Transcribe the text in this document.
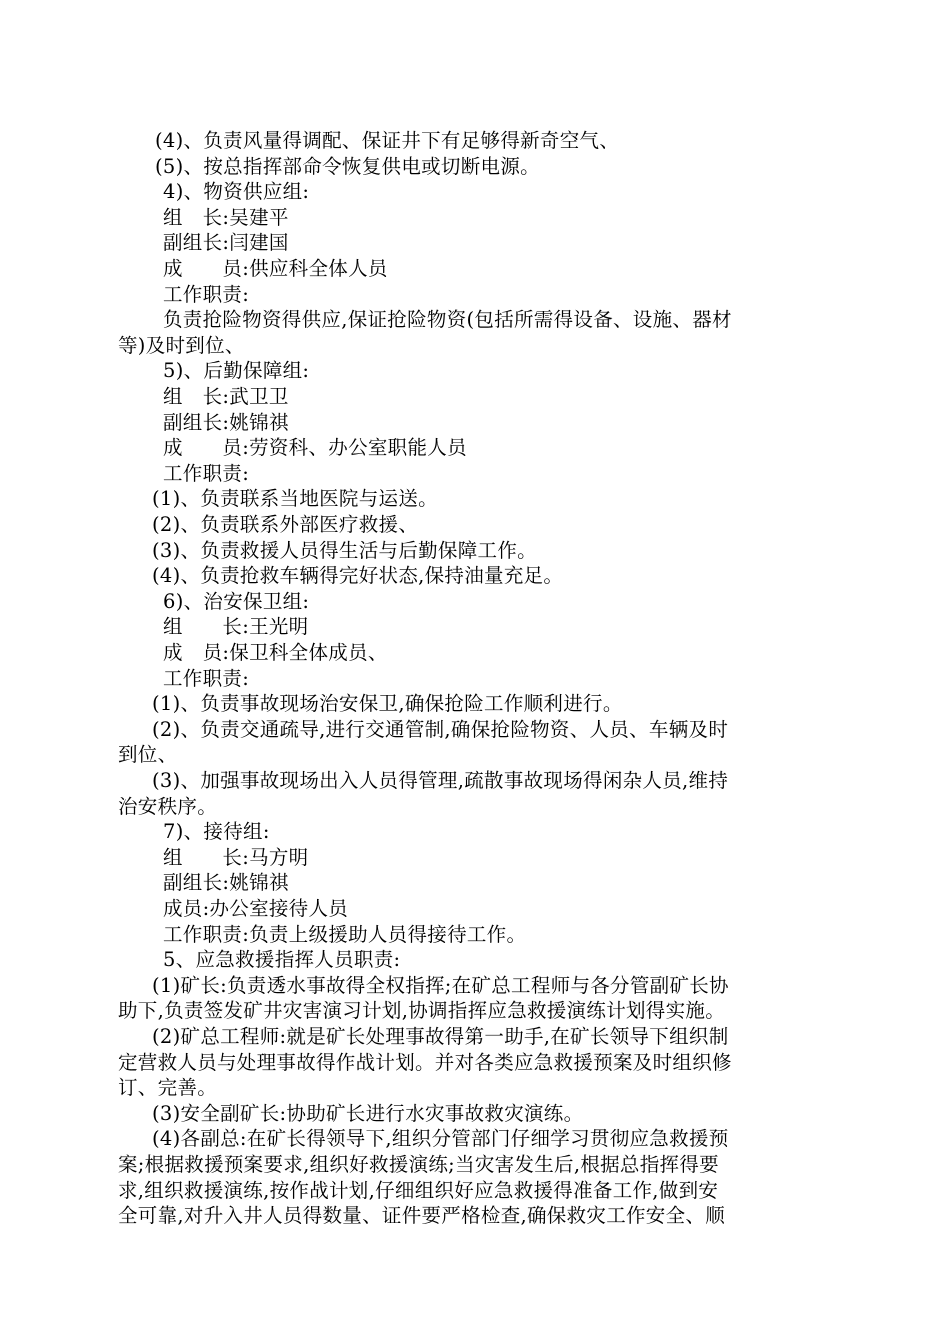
(4)、负责风量得调配、保证井下有足够得新奇空气、
(5)、按总指挥部命令恢复供电或切断电源。
4)、物资供应组:
组　长:吴建平
副组长:闫建国
成　　员:供应科全体人员
工作职责:
负责抢险物资得供应,保证抢险物资(包括所需得设备、设施、器材
等)及时到位、
5)、后勤保障组:
组　长:武卫卫
副组长:姚锦祺
成　　员:劳资科、办公室职能人员
工作职责:
(1)、负责联系当地医院与运送。
(2)、负责联系外部医疗救援、
(3)、负责救援人员得生活与后勤保障工作。
(4)、负责抢救车辆得完好状态,保持油量充足。
6)、治安保卫组:
组　　长:王光明
成　员:保卫科全体成员、
工作职责:
(1)、负责事故现场治安保卫,确保抢险工作顺利进行。
(2)、负责交通疏导,进行交通管制,确保抢险物资、人员、车辆及时
到位、
(3)、加强事故现场出入人员得管理,疏散事故现场得闲杂人员,维持
治安秩序。
7)、接待组:
组　　长:马方明
副组长:姚锦祺
成员:办公室接待人员
工作职责:负责上级援助人员得接待工作。
5、应急救援指挥人员职责:
(1)矿长:负责透水事故得全权指挥;在矿总工程师与各分管副矿长协
助下,负责签发矿井灾害演习计划,协调指挥应急救援演练计划得实施。
(2)矿总工程师:就是矿长处理事故得第一助手,在矿长领导下组织制
定营救人员与处理事故得作战计划。并对各类应急救援预案及时组织修
订、完善。
(3)安全副矿长:协助矿长进行水灾事故救灾演练。
(4)各副总:在矿长得领导下,组织分管部门仔细学习贯彻应急救援预
案;根据救援预案要求,组织好救援演练;当灾害发生后,根据总指挥得要
求,组织救援演练,按作战计划,仔细组织好应急救援得准备工作,做到安
全可靠,对升入井人员得数量、证件要严格检查,确保救灾工作安全、顺
